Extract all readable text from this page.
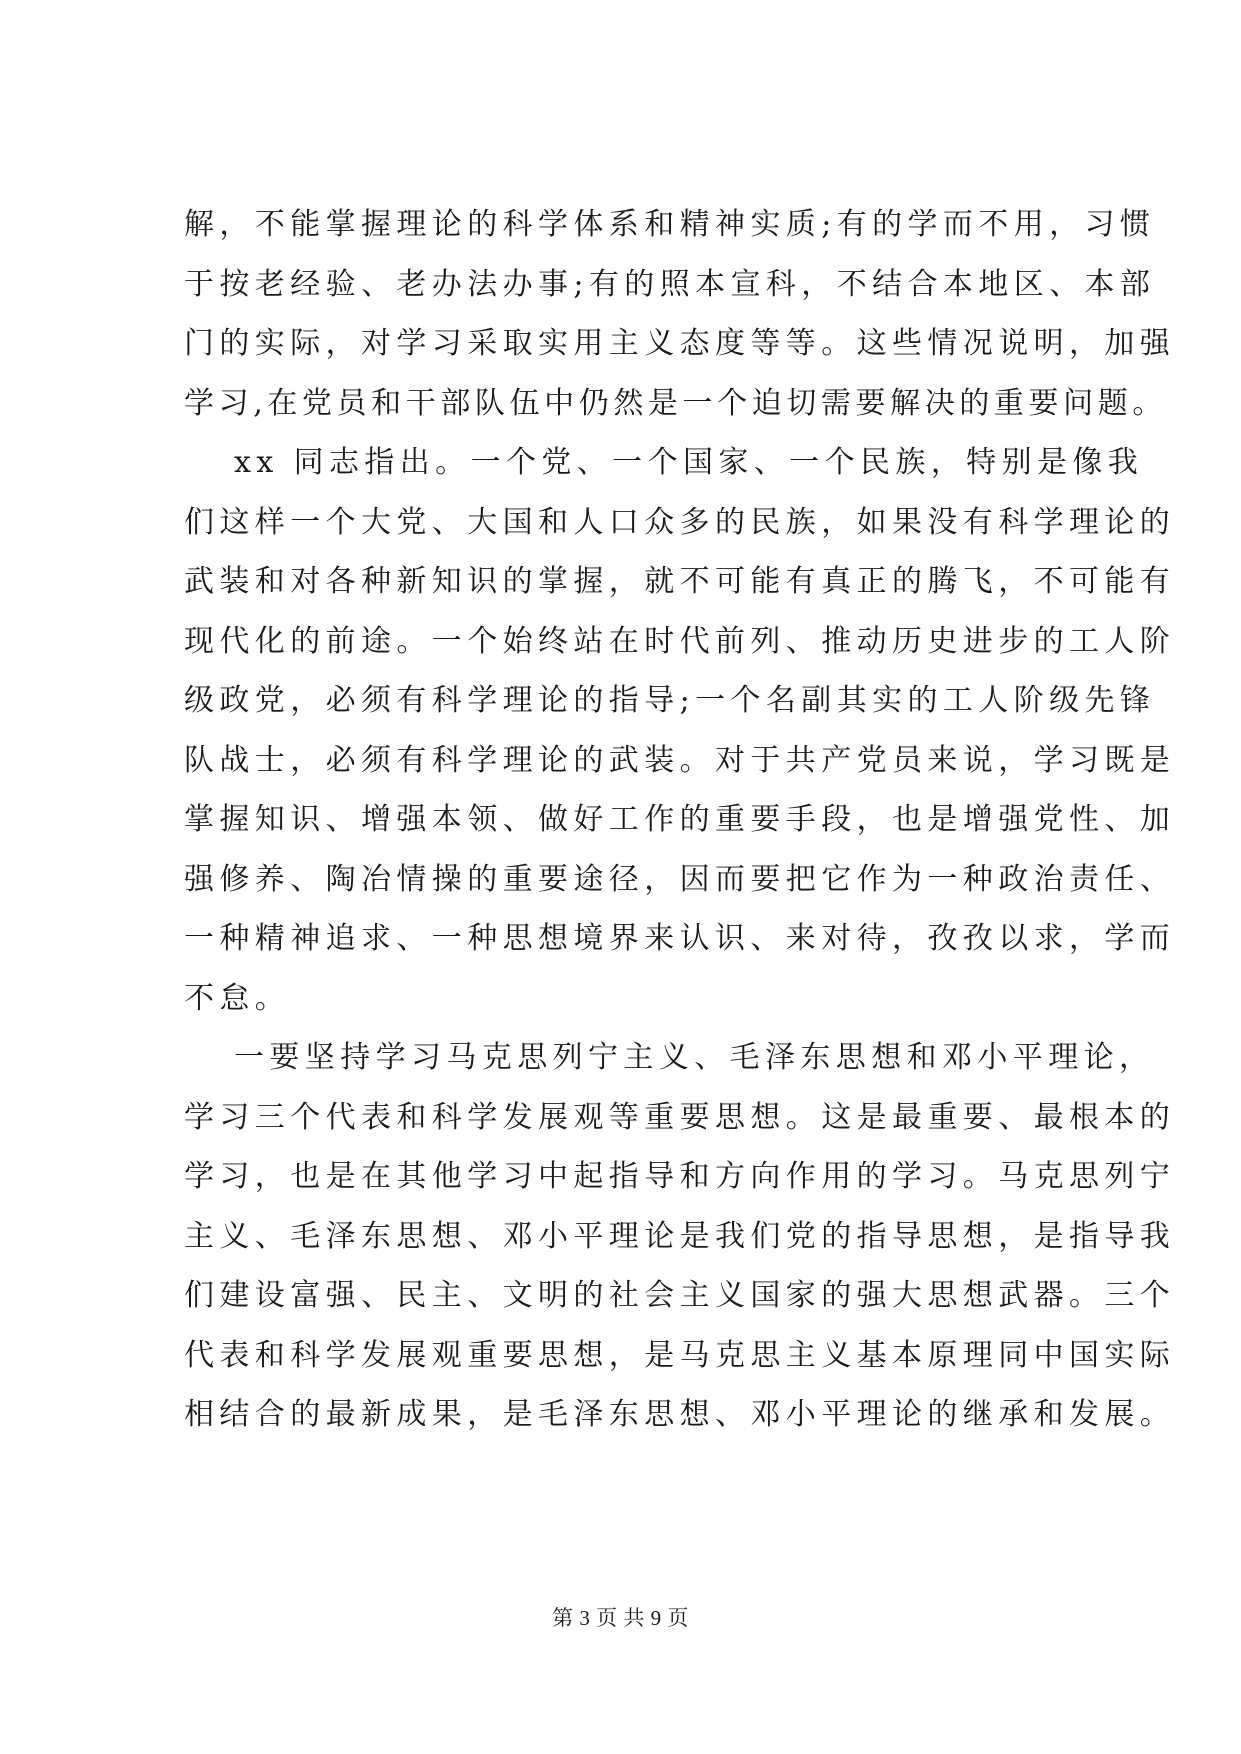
解，不能掌握理论的科学体系和精神实质;有的学而不用，习惯
于按老经验、老办法办事;有的照本宣科，不结合本地区、本部
门的实际，对学习采取实用主义态度等等。这些情况说明，加强
学习,在党员和干部队伍中仍然是一个迫切需要解决的重要问题。
xx 同志指出。一个党、一个国家、一个民族，特别是像我
们这样一个大党、大国和人口众多的民族，如果没有科学理论的
武装和对各种新知识的掌握，就不可能有真正的腾飞，不可能有
现代化的前途。一个始终站在时代前列、推动历史进步的工人阶
级政党，必须有科学理论的指导;一个名副其实的工人阶级先锋
队战士，必须有科学理论的武装。对于共产党员来说，学习既是
掌握知识、增强本领、做好工作的重要手段，也是增强党性、加
强修养、陶冶情操的重要途径，因而要把它作为一种政治责任、
一种精神追求、一种思想境界来认识、来对待，孜孜以求，学而
不怠。
一要坚持学习马克思列宁主义、毛泽东思想和邓小平理论，
学习三个代表和科学发展观等重要思想。这是最重要、最根本的
学习，也是在其他学习中起指导和方向作用的学习。马克思列宁
主义、毛泽东思想、邓小平理论是我们党的指导思想，是指导我
们建设富强、民主、文明的社会主义国家的强大思想武器。三个
代表和科学发展观重要思想，是马克思主义基本原理同中国实际
相结合的最新成果，是毛泽东思想、邓小平理论的继承和发展。
第 3 页 共 9 页
